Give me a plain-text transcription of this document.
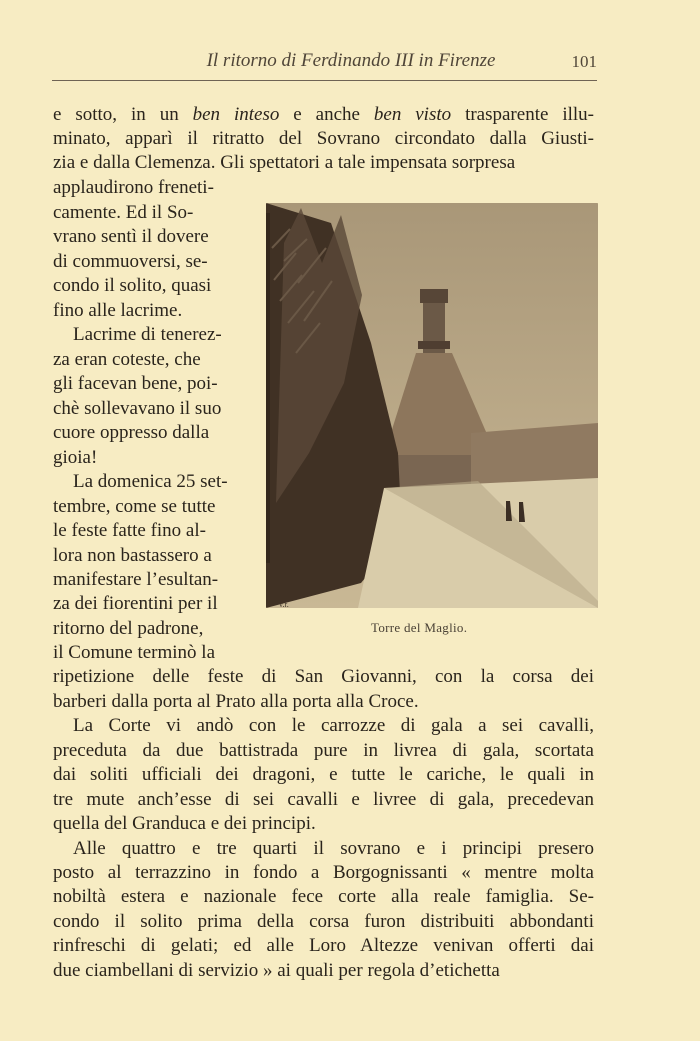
Il ritorno di Ferdinando III in Firenze	101
e sotto, in un ben inteso e anche ben visto trasparente illu-
minato, apparì il ritratto del Sovrano circondato dalla Giusti-
zia e dalla Clemenza. Gli spettatori a tale impensata sorpresa
applaudirono freneti-
camente. Ed il So-
vrano sentì il dovere
di commuoversi, se-
condo il solito, quasi
fino alle lacrime.
Lacrime di tenerez-
za eran coteste, che
gli facevan bene, poi-
chè sollevavano il suo
cuore oppresso dalla
gioia!
La domenica 25 set-
tembre, come se tutte
le feste fatte fino al-
lora non bastassero a
manifestare l’esultan-
za dei fiorentini per il
ritorno del padrone,
il Comune terminò la
ripetizione delle feste di San Giovanni, con la corsa dei
barberi dalla porta al Prato alla porta alla Croce.
La Corte vi andò con le carrozze di gala a sei cavalli,
preceduta da due battistrada pure in livrea di gala, scortata
dai soliti ufficiali dei dragoni, e tutte le cariche, le quali in
tre mute anch’esse di sei cavalli e livree di gala, precedevan
quella del Granduca e dei principi.
Alle quattro e tre quarti il sovrano e i principi presero
posto al terrazzino in fondo a Borgognissanti « mentre molta
nobiltà estera e nazionale fece corte alla reale famiglia. Se-
condo il solito prima della corsa furon distribuiti abbondanti
rinfreschi di gelati; ed alle Loro Altezze venivan offerti dai
due ciambellani di servizio » ai quali per regola d’etichetta
Torre del Maglio.
v.r.
